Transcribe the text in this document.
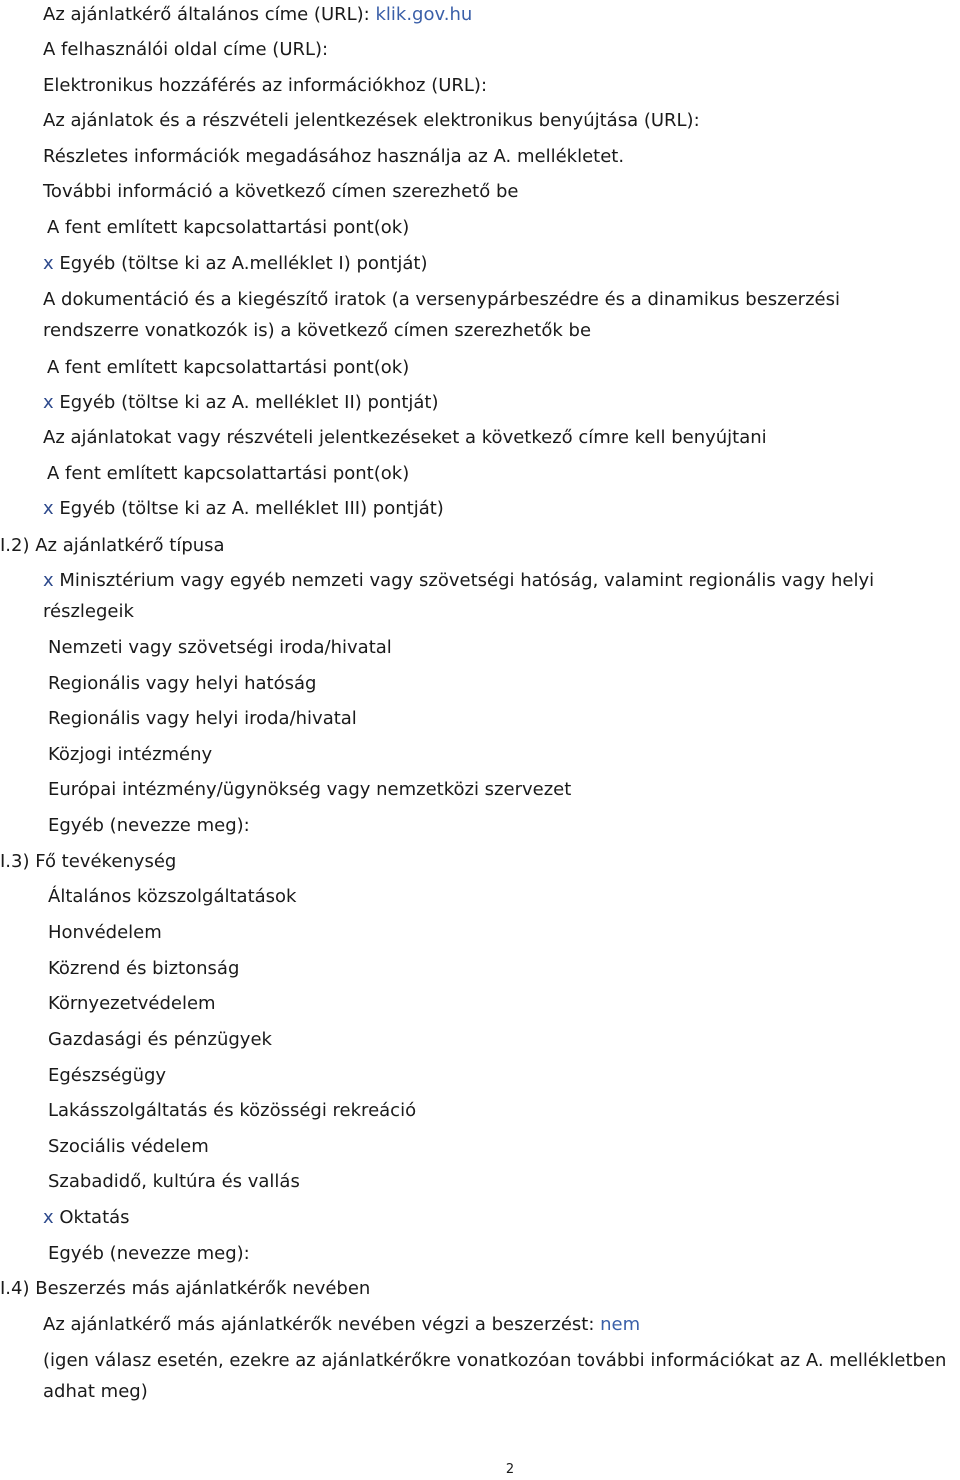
Az ajánlatkérő általános címe (URL): klik.gov.hu
A felhasználói oldal címe (URL):
Elektronikus hozzáférés az információkhoz (URL):
Az ajánlatok és a részvételi jelentkezések elektronikus benyújtása (URL):
Részletes információk megadásához használja az A. mellékletet.
További információ a következő címen szerezhető be
A fent említett kapcsolattartási pont(ok)
x Egyéb (töltse ki az A.melléklet I) pontját)
A dokumentáció és a kiegészítő iratok (a versenypárbeszédre és a dinamikus beszerzési
rendszerre vonatkozók is) a következő címen szerezhetők be
A fent említett kapcsolattartási pont(ok)
x Egyéb (töltse ki az A. melléklet II) pontját)
Az ajánlatokat vagy részvételi jelentkezéseket a következő címre kell benyújtani
A fent említett kapcsolattartási pont(ok)
x Egyéb (töltse ki az A. melléklet III) pontját)
I.2) Az ajánlatkérő típusa
x Minisztérium vagy egyéb nemzeti vagy szövetségi hatóság, valamint regionális vagy helyi
részlegeik
Nemzeti vagy szövetségi iroda/hivatal
Regionális vagy helyi hatóság
Regionális vagy helyi iroda/hivatal
Közjogi intézmény
Európai intézmény/ügynökség vagy nemzetközi szervezet
Egyéb (nevezze meg):
I.3) Fő tevékenység
Általános közszolgáltatások
Honvédelem
Közrend és biztonság
Környezetvédelem
Gazdasági és pénzügyek
Egészségügy
Lakásszolgáltatás és közösségi rekreáció
Szociális védelem
Szabadidő, kultúra és vallás
x Oktatás
Egyéb (nevezze meg):
I.4) Beszerzés más ajánlatkérők nevében
Az ajánlatkérő más ajánlatkérők nevében végzi a beszerzést: nem
(igen válasz esetén, ezekre az ajánlatkérőkre vonatkozóan további információkat az A. mellékletben
adhat meg)
2
